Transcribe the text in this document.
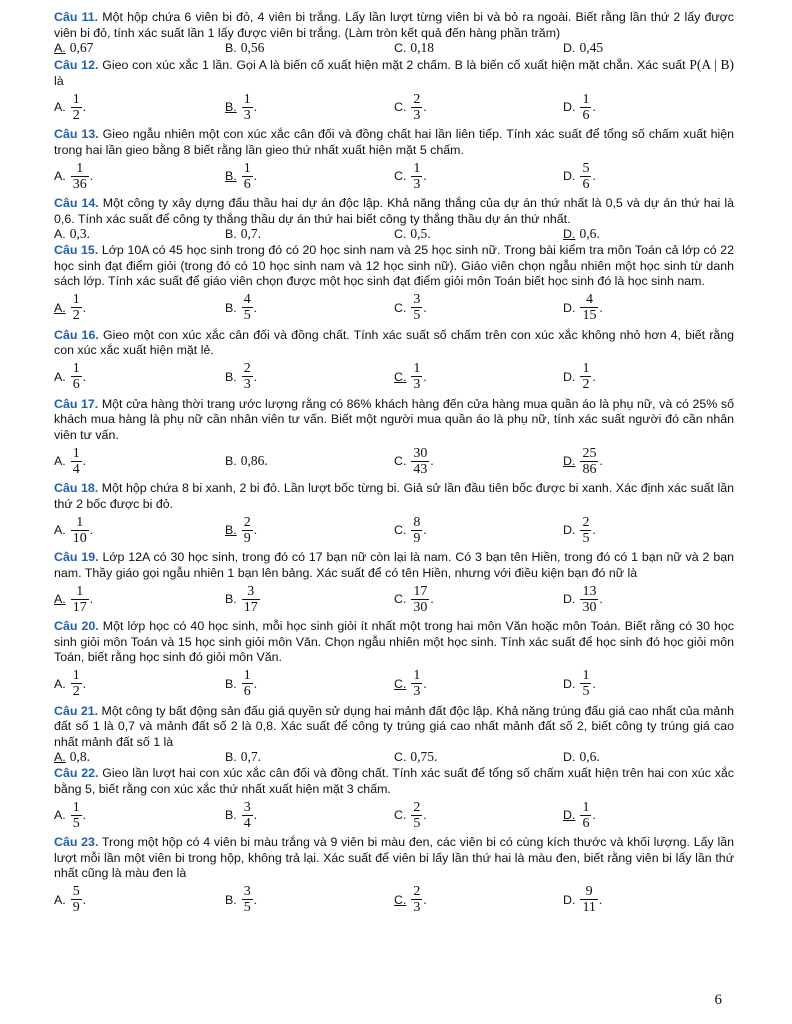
Câu 11. Một hộp chứa 6 viên bi đỏ, 4 viên bi trắng. Lấy lần lượt từng viên bi và bỏ ra ngoài. Biết rằng lần thứ 2 lấy được viên bi đỏ, tính xác suất lần 1 lấy được viên bi trắng. (Làm tròn kết quả đến hàng phần trăm)
A. 0,67	B. 0,56	C. 0,18	D. 0,45
Câu 12. Gieo con xúc xắc 1 lần. Gọi A là biến cố xuất hiện mặt 2 chấm. B là biến cố xuất hiện mặt chẵn. Xác suất P(A | B) là
A. $\frac{1}{2}$ .	B. $\frac{1}{3}$ .	C. $\frac{2}{3}$ .	D. $\frac{1}{6}$ .
Câu 13. Gieo ngẫu nhiên một con xúc xắc cân đối và đồng chất hai lần liên tiếp. Tính xác suất để tổng số chấm xuất hiện trong hai lần gieo bằng 8 biết rằng lần gieo thứ nhất xuất hiện mặt 5 chấm.
A. $\frac{1}{36}$ .	B. $\frac{1}{6}$ .	C. $\frac{1}{3}$ .	D. $\frac{5}{6}$ .
Câu 14. Một công ty xây dựng đấu thầu hai dự án độc lập. Khả năng thắng của dự án thứ nhất là 0,5 và dự án thứ hai là 0,6. Tính xác suất để công ty thắng thầu dự án thứ hai biết công ty thắng thầu dự án thứ nhất.
A. 0,3.	B. 0,7.	C. 0,5.	D. 0,6.
Câu 15. Lớp 10A có 45 học sinh trong đó có 20 học sinh nam và 25 học sinh nữ. Trong bài kiểm tra môn Toán cả lớp có 22 học sinh đạt điểm giỏi (trong đó có 10 học sinh nam và 12 học sinh nữ). Giáo viên chọn ngẫu nhiên một học sinh từ danh sách lớp. Tính xác suất để giáo viên chọn được một học sinh đạt điểm giỏi môn Toán biết học sinh đó là học sinh nam.
A. $\frac{1}{2}$ .	B. $\frac{4}{5}$ .	C. $\frac{3}{5}$ .	D. $\frac{4}{15}$ .
Câu 16. Gieo một con xúc xắc cân đối và đồng chất. Tính xác suất số chấm trên con xúc xắc không nhỏ hơn 4, biết rằng con xúc xắc xuất hiện mặt lẻ.
A. $\frac{1}{6}$ .	B. $\frac{2}{3}$ .	C. $\frac{1}{3}$ .	D. $\frac{1}{2}$ .
Câu 17. Một cửa hàng thời trang ước lượng rằng có 86% khách hàng đến cửa hàng mua quần áo là phụ nữ, và có 25% số khách mua hàng là phụ nữ cần nhân viên tư vấn. Biết một người mua quần áo là phụ nữ, tính xác suất người đó cần nhân viên tư vấn.
A. $\frac{1}{4}$ .	B. 0,86.	C. $\frac{30}{43}$ .	D. $\frac{25}{86}$ .
Câu 18. Một hộp chứa 8 bi xanh, 2 bi đỏ. Lần lượt bốc từng bi. Giả sử lần đầu tiên bốc được bi xanh. Xác định xác suất lần thứ 2 bốc được bi đỏ.
A. $\frac{1}{10}$ .	B. $\frac{2}{9}$ .	C. $\frac{8}{9}$ .	D. $\frac{2}{5}$ .
Câu 19. Lớp 12A có 30 học sinh, trong đó có 17 bạn nữ còn lại là nam. Có 3 bạn tên Hiền, trong đó có 1 bạn nữ và 2 bạn nam. Thầy giáo gọi ngẫu nhiên 1 bạn lên bảng. Xác suất để có tên Hiền, nhưng với điều kiện bạn đó nữ là
A. $\frac{1}{17}$ .	B. $\frac{3}{17}$	C. $\frac{17}{30}$ .	D. $\frac{13}{30}$ .
Câu 20. Một lớp học có 40 học sinh, mỗi học sinh giỏi ít nhất một trong hai môn Văn hoặc môn Toán. Biết rằng có 30 học sinh giỏi môn Toán và 15 học sinh giỏi môn Văn. Chọn ngẫu nhiên một học sinh. Tính xác suất để học sinh đó học giỏi môn Toán, biết rằng học sinh đó giỏi môn Văn.
A. $\frac{1}{2}$ .	B. $\frac{1}{6}$ .	C. $\frac{1}{3}$ .	D. $\frac{1}{5}$ .
Câu 21. Một công ty bất động sản đấu giá quyền sử dụng hai mảnh đất độc lập. Khả năng trúng đấu giá cao nhất của mảnh đất số 1 là 0,7 và mảnh đất số 2 là 0,8. Xác suất để công ty trúng giá cao nhất mảnh đất số 2, biết công ty trúng giá cao nhất mảnh đất số 1 là
A. 0,8.	B. 0,7.	C. 0,75.	D. 0,6.
Câu 22. Gieo lần lượt hai con xúc xắc cân đối và đồng chất. Tính xác suất để tổng số chấm xuất hiện trên hai con xúc xắc bằng 5, biết rằng con xúc xắc thứ nhất xuất hiện mặt 3 chấm.
A. $\frac{1}{5}$ .	B. $\frac{3}{4}$ .	C. $\frac{2}{5}$ .	D. $\frac{1}{6}$ .
Câu 23. Trong một hộp có 4 viên bi màu trắng và 9 viên bi màu đen, các viên bi có cùng kích thước và khối lượng. Lấy lần lượt mỗi lần một viên bi trong hộp, không trả lại. Xác suất để viên bi lấy lần thứ hai là màu đen, biết rằng viên bi lấy lần thứ nhất cũng là màu đen là
A. $\frac{5}{9}$ .	B. $\frac{3}{5}$ .	C. $\frac{2}{3}$ .	D. $\frac{9}{11}$ .
6
